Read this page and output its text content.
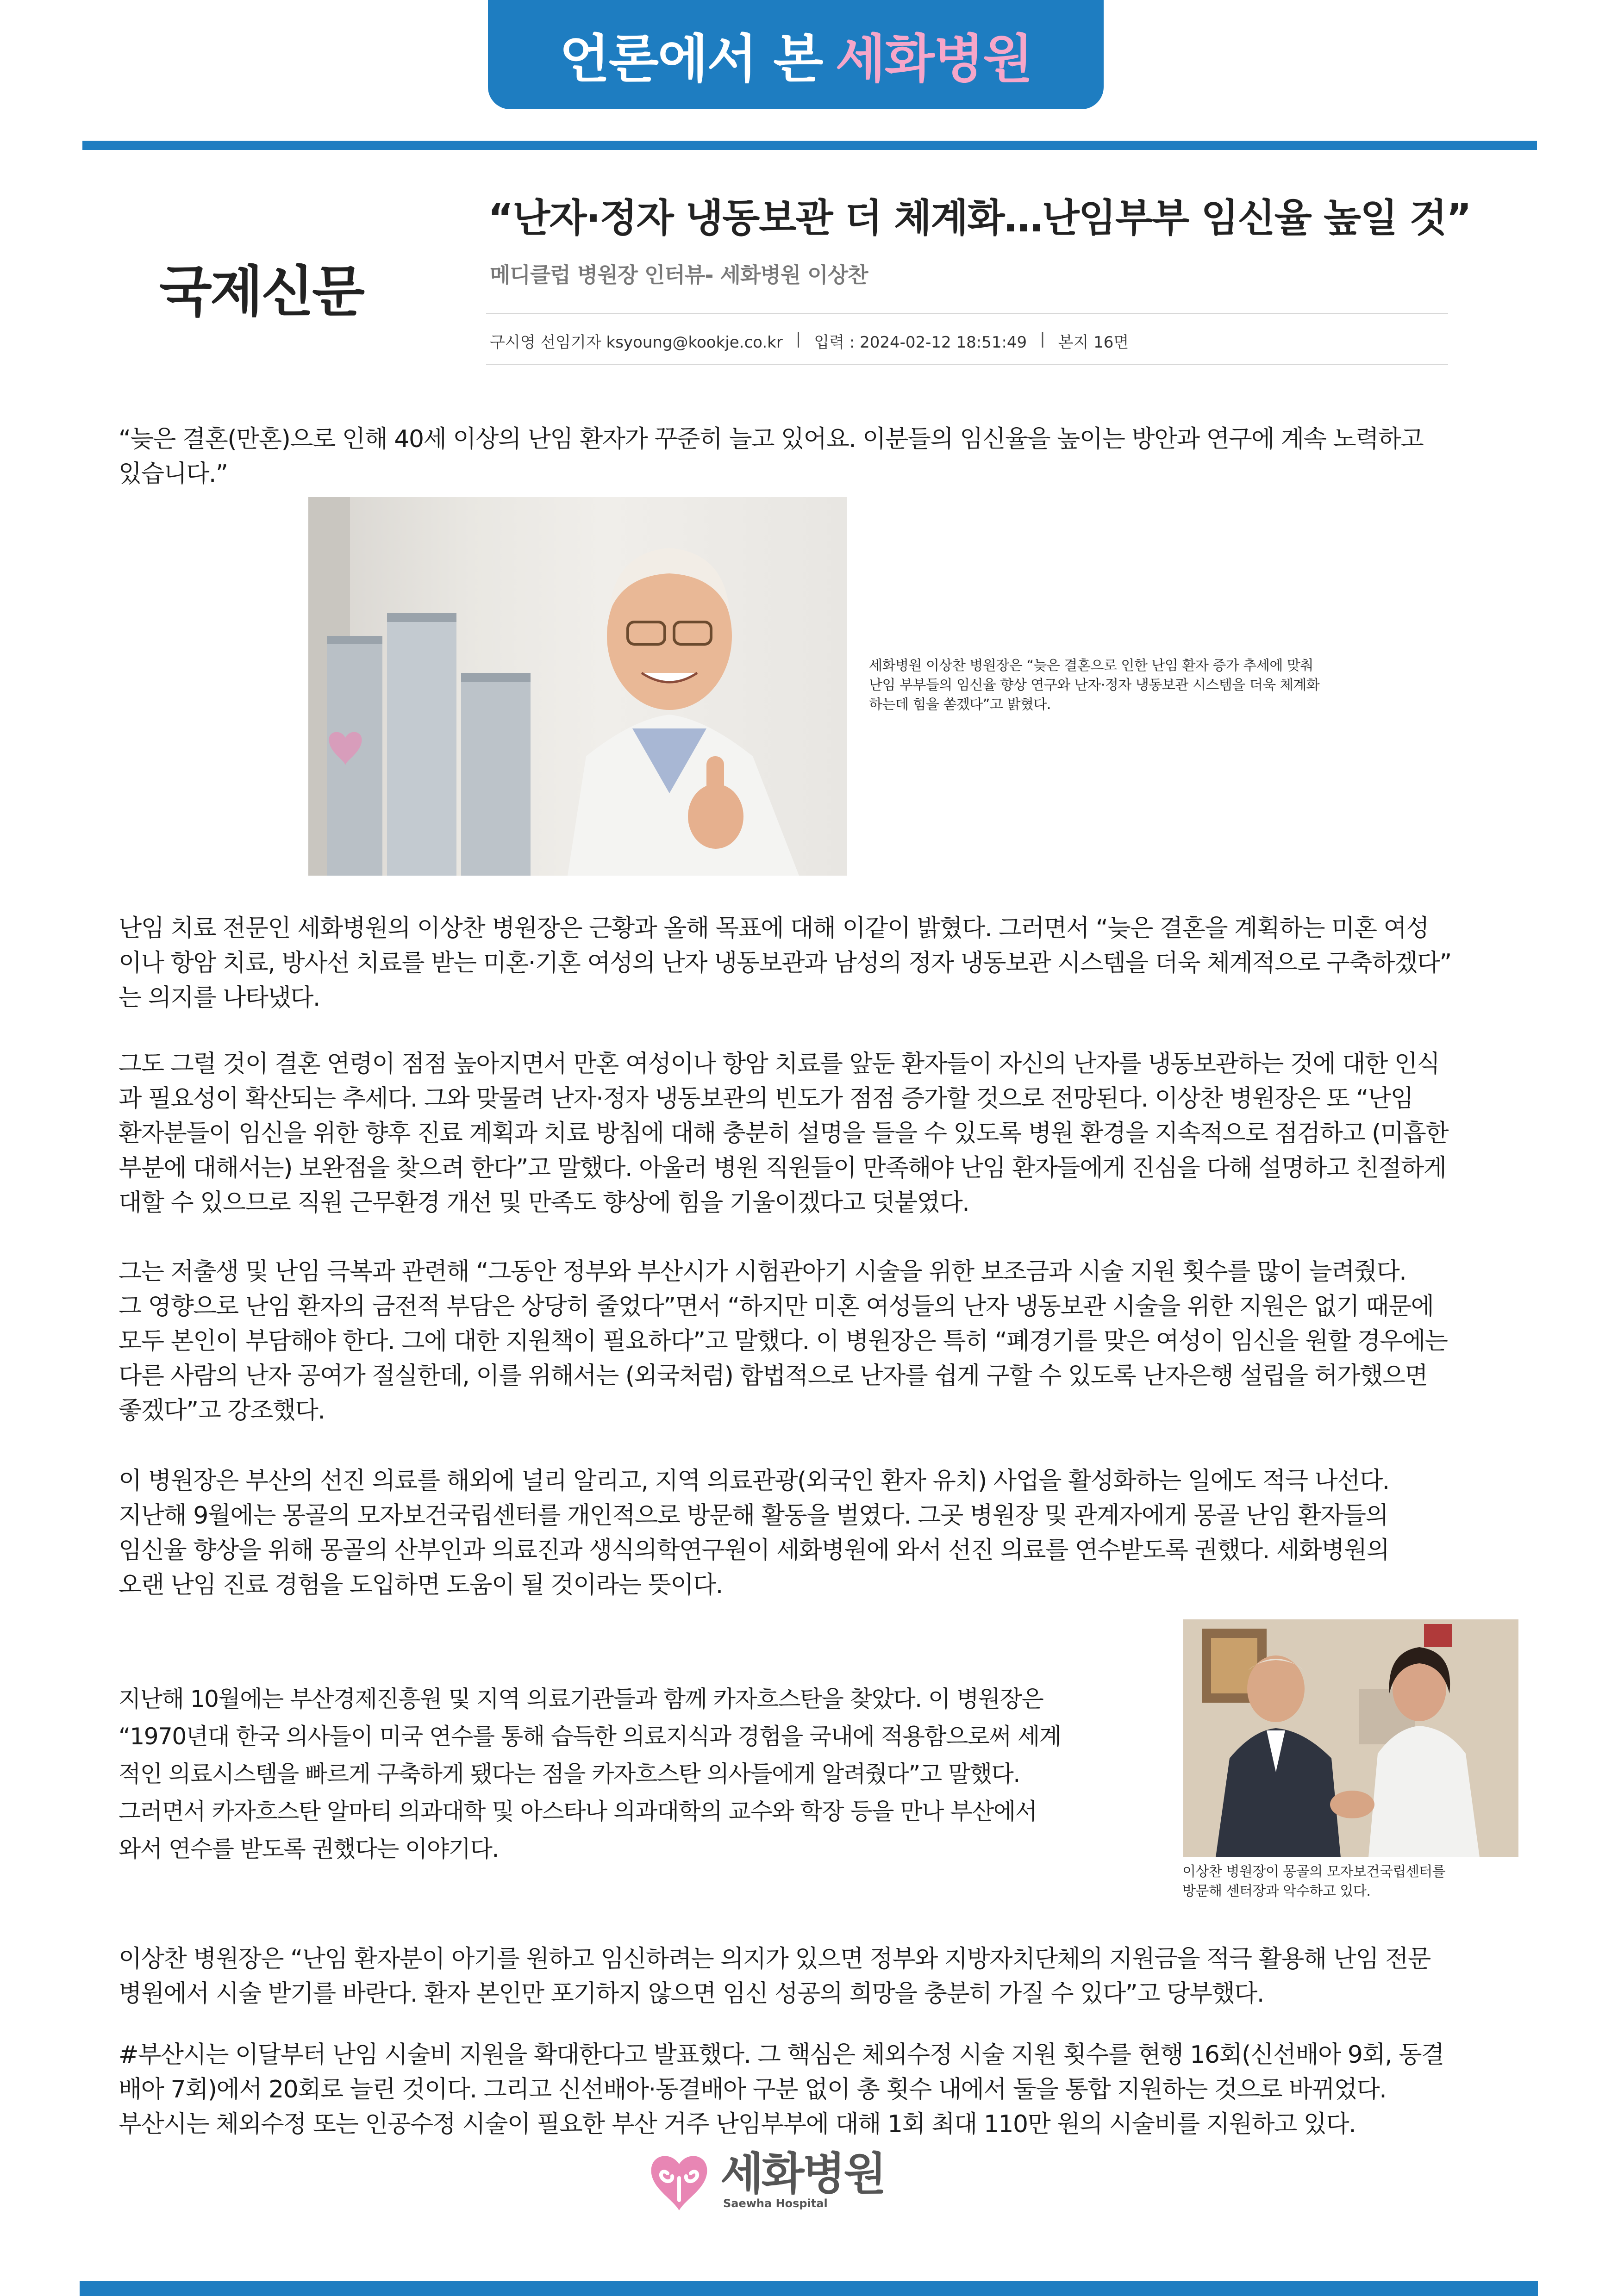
언론에서 본 세화병원
국제신문
“난자·정자 냉동보관 더 체계화…난임부부 임신율 높일 것”
메디클럽 병원장 인터뷰- 세화병원 이상찬
구시영 선임기자 ksyoung@kookje.co.kr | 입력 : 2024-02-12 18:51:49 | 본지 16면
“늦은 결혼(만혼)으로 인해 40세 이상의 난임 환자가 꾸준히 늘고 있어요. 이분들의 임신율을 높이는 방안과 연구에 계속 노력하고
있습니다.”
세화병원 이상찬 병원장은 “늦은 결혼으로 인한 난임 환자 증가 추세에 맞춰
난임 부부들의 임신율 향상 연구와 난자·정자 냉동보관 시스템을 더욱 체계화
하는데 힘을 쏟겠다”고 밝혔다.
난임 치료 전문인 세화병원의 이상찬 병원장은 근황과 올해 목표에 대해 이같이 밝혔다. 그러면서 “늦은 결혼을 계획하는 미혼 여성
이나 항암 치료, 방사선 치료를 받는 미혼·기혼 여성의 난자 냉동보관과 남성의 정자 냉동보관 시스템을 더욱 체계적으로 구축하겠다”
는 의지를 나타냈다.
그도 그럴 것이 결혼 연령이 점점 높아지면서 만혼 여성이나 항암 치료를 앞둔 환자들이 자신의 난자를 냉동보관하는 것에 대한 인식
과 필요성이 확산되는 추세다. 그와 맞물려 난자·정자 냉동보관의 빈도가 점점 증가할 것으로 전망된다. 이상찬 병원장은 또 “난임
환자분들이 임신을 위한 향후 진료 계획과 치료 방침에 대해 충분히 설명을 들을 수 있도록 병원 환경을 지속적으로 점검하고 (미흡한
부분에 대해서는) 보완점을 찾으려 한다”고 말했다. 아울러 병원 직원들이 만족해야 난임 환자들에게 진심을 다해 설명하고 친절하게
대할 수 있으므로 직원 근무환경 개선 및 만족도 향상에 힘을 기울이겠다고 덧붙였다.
그는 저출생 및 난임 극복과 관련해 “그동안 정부와 부산시가 시험관아기 시술을 위한 보조금과 시술 지원 횟수를 많이 늘려줬다.
그 영향으로 난임 환자의 금전적 부담은 상당히 줄었다”면서 “하지만 미혼 여성들의 난자 냉동보관 시술을 위한 지원은 없기 때문에
모두 본인이 부담해야 한다. 그에 대한 지원책이 필요하다”고 말했다. 이 병원장은 특히 “폐경기를 맞은 여성이 임신을 원할 경우에는
다른 사람의 난자 공여가 절실한데, 이를 위해서는 (외국처럼) 합법적으로 난자를 쉽게 구할 수 있도록 난자은행 설립을 허가했으면
좋겠다”고 강조했다.
이 병원장은 부산의 선진 의료를 해외에 널리 알리고, 지역 의료관광(외국인 환자 유치) 사업을 활성화하는 일에도 적극 나선다.
지난해 9월에는 몽골의 모자보건국립센터를 개인적으로 방문해 활동을 벌였다. 그곳 병원장 및 관계자에게 몽골 난임 환자들의
임신율 향상을 위해 몽골의 산부인과 의료진과 생식의학연구원이 세화병원에 와서 선진 의료를 연수받도록 권했다. 세화병원의
오랜 난임 진료 경험을 도입하면 도움이 될 것이라는 뜻이다.
지난해 10월에는 부산경제진흥원 및 지역 의료기관들과 함께 카자흐스탄을 찾았다. 이 병원장은
“1970년대 한국 의사들이 미국 연수를 통해 습득한 의료지식과 경험을 국내에 적용함으로써 세계
적인 의료시스템을 빠르게 구축하게 됐다는 점을 카자흐스탄 의사들에게 알려줬다”고 말했다.
그러면서 카자흐스탄 알마티 의과대학 및 아스타나 의과대학의 교수와 학장 등을 만나 부산에서
와서 연수를 받도록 권했다는 이야기다.
이상찬 병원장이 몽골의 모자보건국립센터를
방문해 센터장과 악수하고 있다.
이상찬 병원장은 “난임 환자분이 아기를 원하고 임신하려는 의지가 있으면 정부와 지방자치단체의 지원금을 적극 활용해 난임 전문
병원에서 시술 받기를 바란다. 환자 본인만 포기하지 않으면 임신 성공의 희망을 충분히 가질 수 있다”고 당부했다.
#부산시는 이달부터 난임 시술비 지원을 확대한다고 발표했다. 그 핵심은 체외수정 시술 지원 횟수를 현행 16회(신선배아 9회, 동결
배아 7회)에서 20회로 늘린 것이다. 그리고 신선배아·동결배아 구분 없이 총 횟수 내에서 둘을 통합 지원하는 것으로 바뀌었다.
부산시는 체외수정 또는 인공수정 시술이 필요한 부산 거주 난임부부에 대해 1회 최대 110만 원의 시술비를 지원하고 있다.
세화병원
Saewha Hospital
